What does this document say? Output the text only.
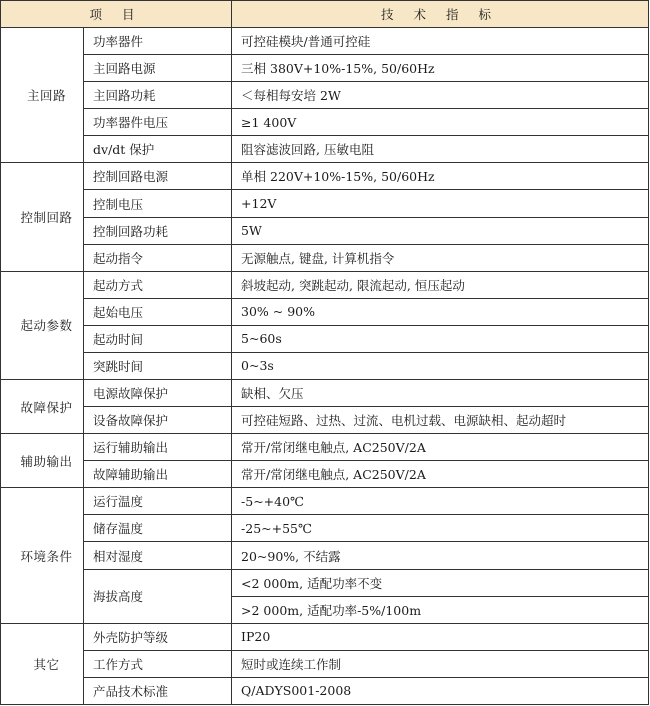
项 目		技 术 指 标
主回路	功率器件	可控硅模块/普通可控硅
	主回路电源	三相 380V+10%-15%, 50/60Hz
	主回路功耗	＜每相每安培 2W
	功率器件电压	≥1 400V
	dv/dt 保护	阻容滤波回路, 压敏电阻
控制回路	控制回路电源	单相 220V+10%-15%, 50/60Hz
	控制电压	+12V
	控制回路功耗	5W
	起动指令	无源触点, 键盘, 计算机指令
起动参数	起动方式	斜坡起动, 突跳起动, 限流起动, 恒压起动
	起始电压	30% ~ 90%
	起动时间	5~60s
	突跳时间	0~3s
故障保护	电源故障保护	缺相、欠压
	设备故障保护	可控硅短路、过热、过流、电机过载、电源缺相、起动超时
辅助输出	运行辅助输出	常开/常闭继电触点, AC250V/2A
	故障辅助输出	常开/常闭继电触点, AC250V/2A
环境条件	运行温度	-5~+40℃
	储存温度	-25~+55℃
	相对湿度	20~90%, 不结露
	海拔高度	<2 000m, 适配功率不变
		>2 000m, 适配功率-5%/100m
其它	外壳防护等级	IP20
	工作方式	短时或连续工作制
	产品技术标准	Q/ADYS001-2008
